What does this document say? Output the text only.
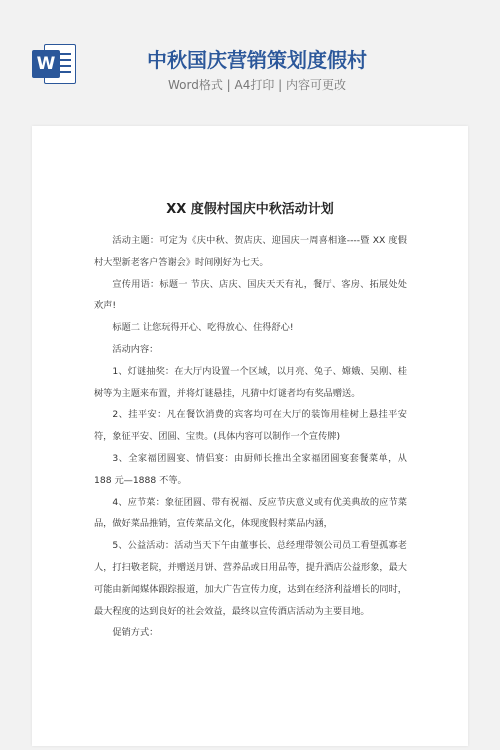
W	中秋国庆营销策划度假村
Word格式 | A4打印 | 内容可更改
XX 度假村国庆中秋活动计划

活动主题：可定为《庆中秋、贺店庆、迎国庆一周喜相逢----暨 XX 度假村大型新老客户答谢会》时间刚好为七天。

宣传用语：标题一 节庆、店庆、国庆天天有礼，餐厅、客房、拓展处处欢声!

标题二 让您玩得开心、吃得放心、住得舒心!

活动内容：

1、灯谜抽奖：在大厅内设置一个区域，以月亮、兔子、嫦娥、吴刚、桂树等为主题来布置，并将灯谜悬挂，凡猜中灯谜者均有奖品赠送。

2、挂平安：凡在餐饮消费的宾客均可在大厅的装饰用桂树上悬挂平安符，象征平安、团圆、宝贵。(具体内容可以制作一个宣传牌)

3、全家福团圆宴、情侣宴：由厨师长推出全家福团圆宴套餐菜单，从 188 元—1888 不等。

4、应节菜：象征团圆、带有祝福、反应节庆意义或有优美典故的应节菜品，做好菜品推销，宣传菜品文化，体现度假村菜品内涵，

5、公益活动：活动当天下午由董事长、总经理带领公司员工看望孤寡老人，打扫敬老院，并赠送月饼、营养品或日用品等，提升酒店公益形象，最大可能由新闻媒体跟踪报道，加大广告宣传力度，达到在经济利益增长的同时，最大程度的达到良好的社会效益，最终以宣传酒店活动为主要目地。

促销方式：
